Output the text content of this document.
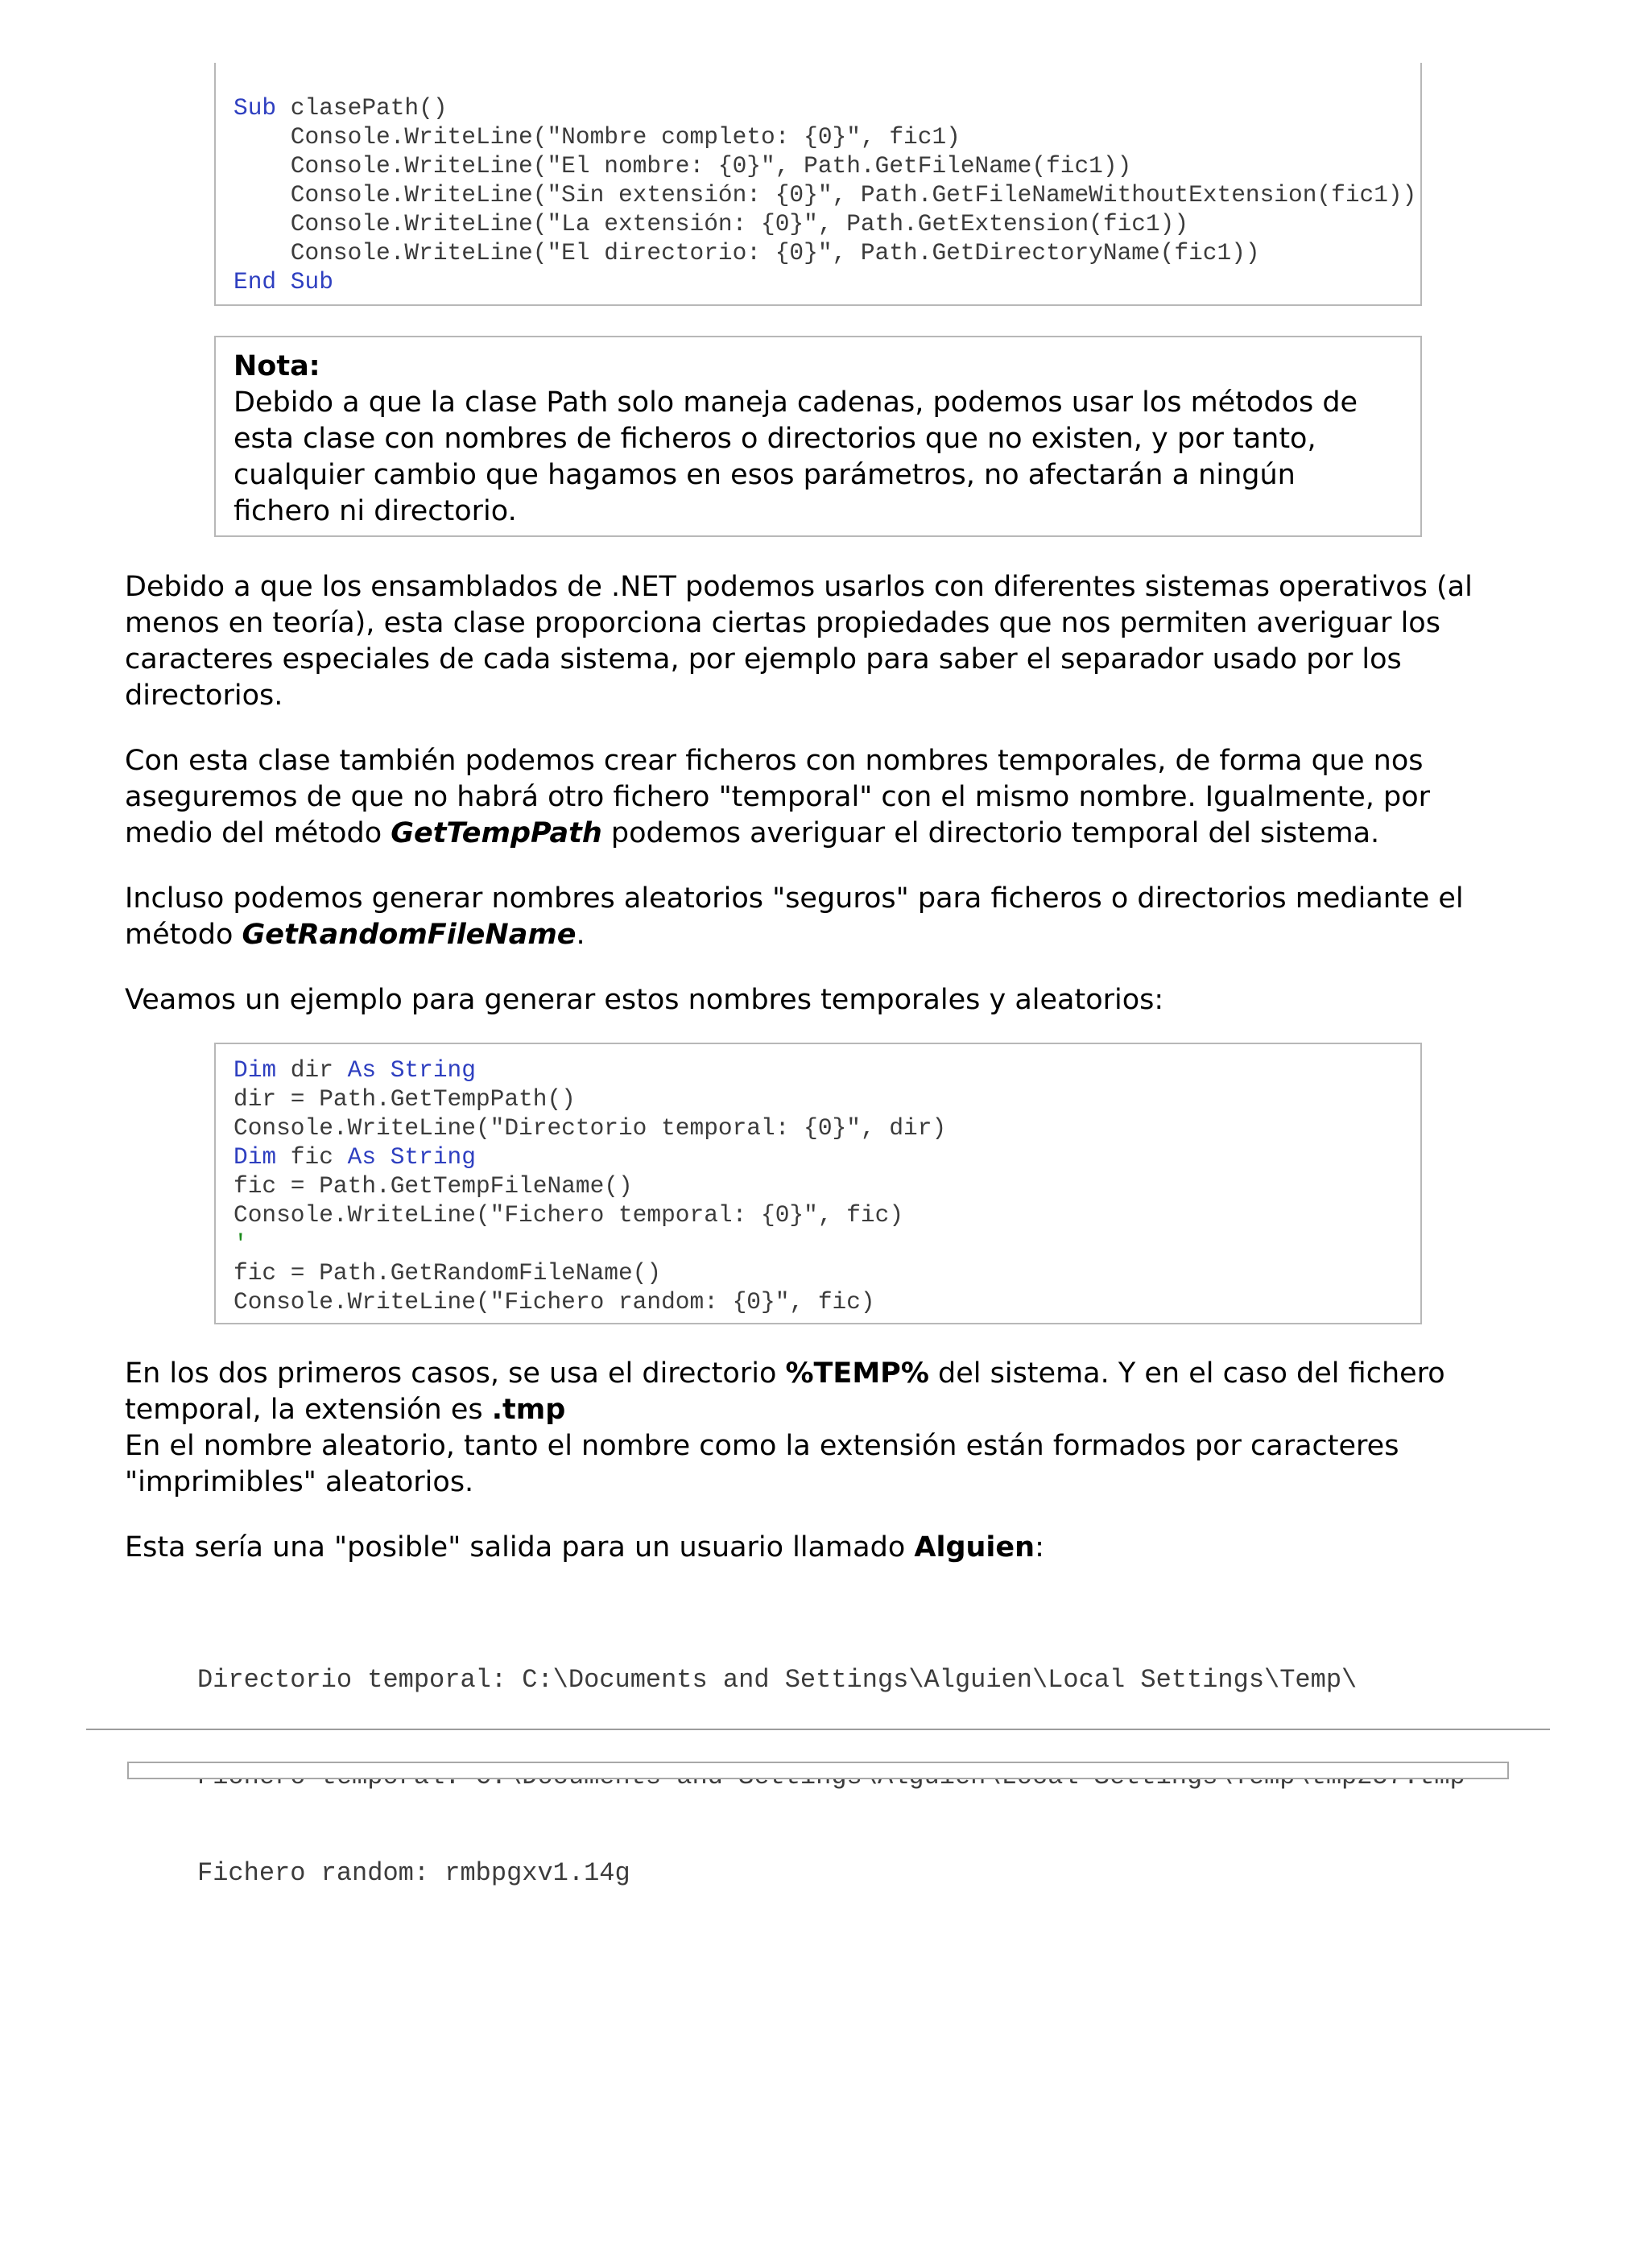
Sub clasePath()
Console.WriteLine("Nombre completo: {0}", fic1)
Console.WriteLine("El nombre: {0}", Path.GetFileName(fic1))
Console.WriteLine("Sin extensión: {0}", Path.GetFileNameWithoutExtension(fic1))
Console.WriteLine("La extensión: {0}", Path.GetExtension(fic1))
Console.WriteLine("El directorio: {0}", Path.GetDirectoryName(fic1))
End Sub
Nota:
Debido a que la clase Path solo maneja cadenas, podemos usar los métodos de
esta clase con nombres de ficheros o directorios que no existen, y por tanto,
cualquier cambio que hagamos en esos parámetros, no afectarán a ningún
fichero ni directorio.
Debido a que los ensamblados de .NET podemos usarlos con diferentes sistemas operativos (al
menos en teoría), esta clase proporciona ciertas propiedades que nos permiten averiguar los
caracteres especiales de cada sistema, por ejemplo para saber el separador usado por los
directorios.
Con esta clase también podemos crear ficheros con nombres temporales, de forma que nos
aseguremos de que no habrá otro fichero "temporal" con el mismo nombre. Igualmente, por
medio del método GetTempPath podemos averiguar el directorio temporal del sistema.
Incluso podemos generar nombres aleatorios "seguros" para ficheros o directorios mediante el
método GetRandomFileName.
Veamos un ejemplo para generar estos nombres temporales y aleatorios:
Dim dir As String
dir = Path.GetTempPath()
Console.WriteLine("Directorio temporal: {0}", dir)
Dim fic As String
fic = Path.GetTempFileName()
Console.WriteLine("Fichero temporal: {0}", fic)
'
fic = Path.GetRandomFileName()
Console.WriteLine("Fichero random: {0}", fic)
En los dos primeros casos, se usa el directorio %TEMP% del sistema. Y en el caso del fichero
temporal, la extensión es .tmp
En el nombre aleatorio, tanto el nombre como la extensión están formados por caracteres
"imprimibles" aleatorios.
Esta sería una "posible" salida para un usuario llamado Alguien:

Directorio temporal: C:\Documents and Settings\Alguien\Local Settings\Temp\

Fichero random: rmbpgxv1.14g
